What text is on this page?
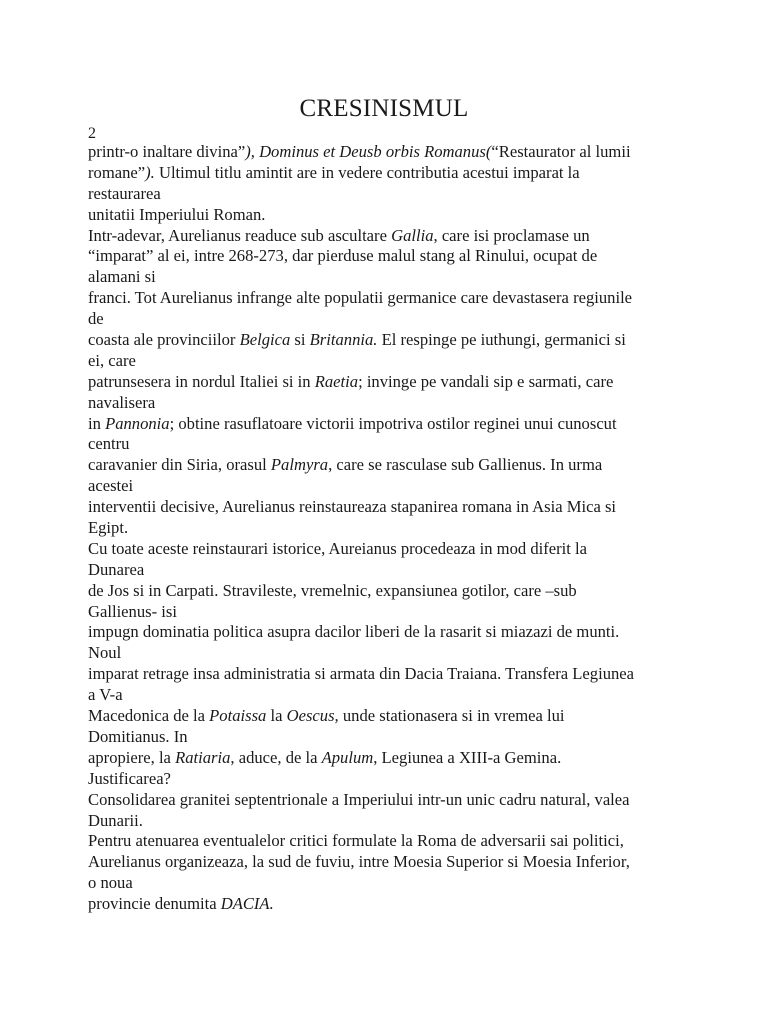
CRESINISMUL
2
printr-o inaltare divina”), Dominus et Deusb orbis Romanus(“Restaurator al lumii
romane”). Ultimul titlu amintit are in vedere contributia acestui imparat la
restaurarea
unitatii Imperiului Roman.
Intr-adevar, Aurelianus readuce sub ascultare Gallia, care isi proclamase un
“imparat” al ei, intre 268-273, dar pierduse malul stang al Rinului, ocupat de
alamani si
franci. Tot Aurelianus infrange alte populatii germanice care devastasera regiunile
de
coasta ale provinciilor Belgica si Britannia. El respinge pe iuthungi, germanici si
ei, care
patrunsesera in nordul Italiei si in Raetia; invinge pe vandali sip e sarmati, care
navalisera
in Pannonia; obtine rasuflatoare victorii impotriva ostilor reginei unui cunoscut
centru
caravanier din Siria, orasul Palmyra, care se rasculase sub Gallienus. In urma
acestei
interventii decisive, Aurelianus reinstaureaza stapanirea romana in Asia Mica si
Egipt.
Cu toate aceste reinstaurari istorice, Aureianus procedeaza in mod diferit la
Dunarea
de Jos si in Carpati. Stravileste, vremelnic, expansiunea gotilor, care –sub
Gallienus- isi
impugn dominatia politica asupra dacilor liberi de la rasarit si miazazi de munti.
Noul
imparat retrage insa administratia si armata din Dacia Traiana. Transfera Legiunea
a V-a
Macedonica de la Potaissa la Oescus, unde stationasera si in vremea lui
Domitianus. In
apropiere, la Ratiaria, aduce, de la Apulum, Legiunea a XIII-a Gemina.
Justificarea?
Consolidarea granitei septentrionale a Imperiului intr-un unic cadru natural, valea
Dunarii.
Pentru atenuarea eventualelor critici formulate la Roma de adversarii sai politici,
Aurelianus organizeaza, la sud de fuviu, intre Moesia Superior si Moesia Inferior,
o noua
provincie denumita DACIA.
